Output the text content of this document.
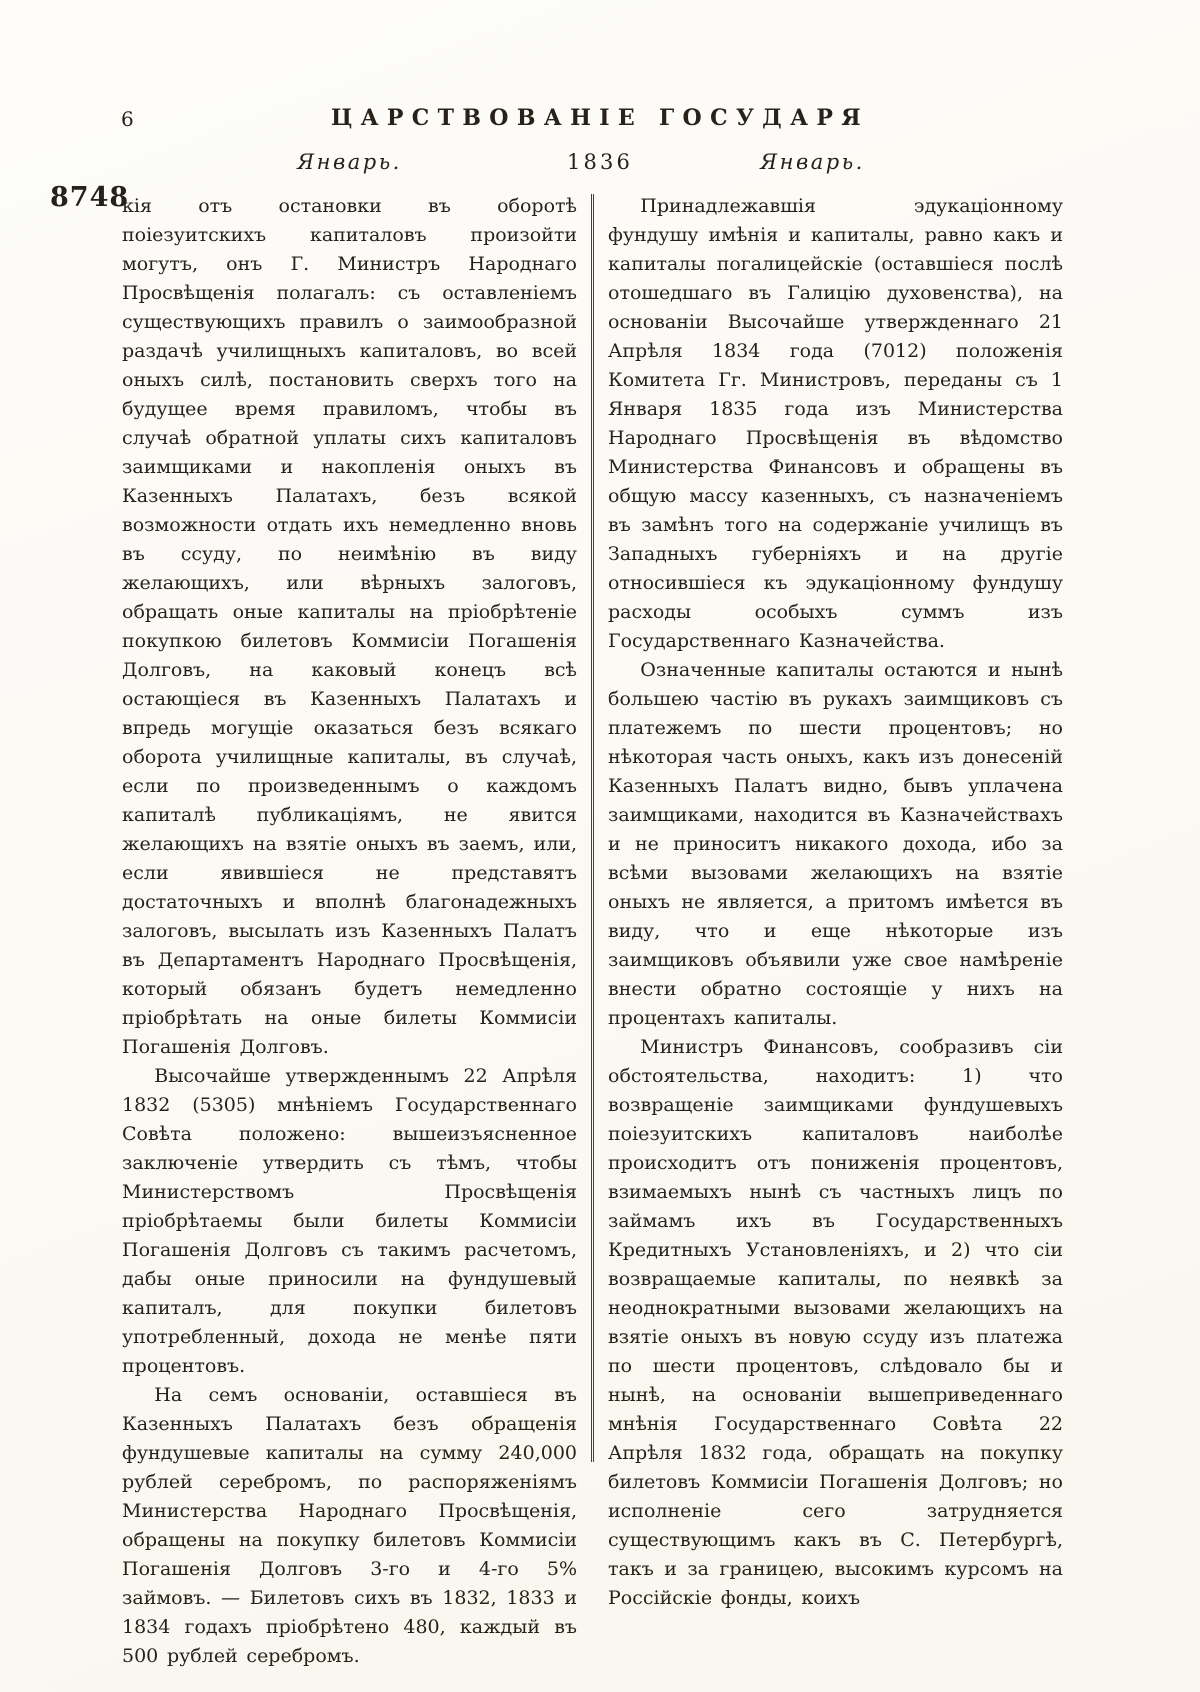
6	ЦАРСТВОВАНІЕ ГОСУДАРЯ
Январь.	1836	Январь.
8748

кія отъ остановки въ оборотѣ поіезуитскихъ капиталовъ произойти могутъ, онъ Г. Министръ Народнаго Просвѣщенія полагалъ: съ оставленіемъ существующихъ правилъ о заимообразной раздачѣ училищныхъ капиталовъ, во всей оныхъ силѣ, постановить сверхъ того на будущее время правиломъ, чтобы въ случаѣ обратной уплаты сихъ капиталовъ заимщиками и накопленія оныхъ въ Казенныхъ Палатахъ, безъ всякой возможности отдать ихъ немедленно вновь въ ссуду, по неимѣнію въ виду желающихъ, или вѣрныхъ залоговъ, обращать оные капиталы на пріобрѣтеніе покупкою билетовъ Коммисіи Погашенія Долговъ, на каковый конецъ всѣ остающіеся въ Казенныхъ Палатахъ и впредь могущіе оказаться безъ всякаго оборота училищные капиталы, въ случаѣ, если по произведеннымъ о каждомъ капиталѣ публикаціямъ, не явится желающихъ на взятіе оныхъ въ заемъ, или, если явившіеся не представятъ достаточныхъ и вполнѣ благонадежныхъ залоговъ, высылать изъ Казенныхъ Палатъ въ Департаментъ Народнаго Просвѣщенія, который обязанъ будетъ немедленно пріобрѣтать на оные билеты Коммисіи Погашенія Долговъ.

Высочайше утвержденнымъ 22 Апрѣля 1832 (5305) мнѣніемъ Государственнаго Совѣта положено: вышеизъясненное заключеніе утвердить съ тѣмъ, чтобы Министерствомъ Просвѣщенія пріобрѣтаемы были билеты Коммисіи Погашенія Долговъ съ такимъ расчетомъ, дабы оные приносили на фундушевый капиталъ, для покупки билетовъ употребленный, дохода не менѣе пяти процентовъ.

На семъ основаніи, оставшіеся въ Казенныхъ Палатахъ безъ обращенія фундушевые капиталы на сумму 240,000 рублей серебромъ, по распоряженіямъ Министерства Народнаго Просвѣщенія, обращены на покупку билетовъ Коммисіи Погашенія Долговъ 3-го и 4-го 5% займовъ. — Билетовъ сихъ въ 1832, 1833 и 1834 годахъ пріобрѣтено 480, каждый въ 500 рублей серебромъ.

Принадлежавшія эдукаціонному фундушу имѣнія и капиталы, равно какъ и капиталы погалицейскіе (оставшіеся послѣ отошедшаго въ Галицію духовенства), на основаніи Высочайше утвержденнаго 21 Апрѣля 1834 года (7012) положенія Комитета Гг. Министровъ, переданы съ 1 Января 1835 года изъ Министерства Народнаго Просвѣщенія въ вѣдомство Министерства Финансовъ и обращены въ общую массу казенныхъ, съ назначеніемъ въ замѣнъ того на содержаніе училищъ въ Западныхъ губерніяхъ и на другіе относившіеся къ эдукаціонному фундушу расходы особыхъ суммъ изъ Государственнаго Казначейства.

Означенные капиталы остаются и нынѣ большею частію въ рукахъ заимщиковъ съ платежемъ по шести процентовъ; но нѣкоторая часть оныхъ, какъ изъ донесеній Казенныхъ Палатъ видно, бывъ уплачена заимщиками, находится въ Казначействахъ и не приноситъ никакого дохода, ибо за всѣми вызовами желающихъ на взятіе оныхъ не является, а притомъ имѣется въ виду, что и еще нѣкоторые изъ заимщиковъ объявили уже свое намѣреніе внести обратно состоящіе у нихъ на процентахъ капиталы.

Министръ Финансовъ, сообразивъ сіи обстоятельства, находитъ: 1) что возвращеніе заимщиками фундушевыхъ поіезуитскихъ капиталовъ наиболѣе происходитъ отъ пониженія процентовъ, взимаемыхъ нынѣ съ частныхъ лицъ по займамъ ихъ въ Государственныхъ Кредитныхъ Установленіяхъ, и 2) что сіи возвращаемые капиталы, по неявкѣ за неоднократными вызовами желающихъ на взятіе оныхъ въ новую ссуду изъ платежа по шести процентовъ, слѣдовало бы и нынѣ, на основаніи вышеприведеннаго мнѣнія Государственнаго Совѣта 22 Апрѣля 1832 года, обращать на покупку билетовъ Коммисіи Погашенія Долговъ; но исполненіе сего затрудняется существующимъ какъ въ С. Петербургѣ, такъ и за границею, высокимъ курсомъ на Россійскіе фонды, коихъ
